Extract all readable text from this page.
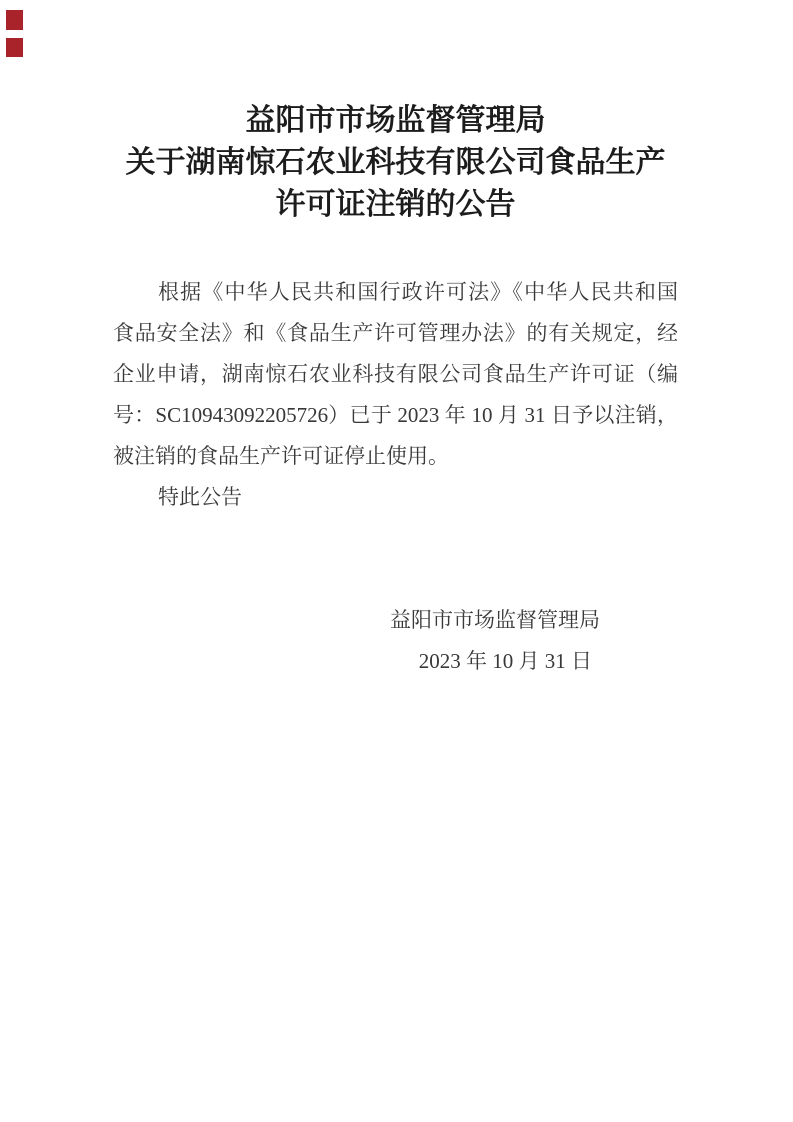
益阳市市场监督管理局
关于湖南惊石农业科技有限公司食品生产
许可证注销的公告
根据《中华人民共和国行政许可法》《中华人民共和国
食品安全法》和《食品生产许可管理办法》的有关规定，经
企业申请，湖南惊石农业科技有限公司食品生产许可证（编
号：SC10943092205726）已于 2023 年 10 月 31 日予以注销，
被注销的食品生产许可证停止使用。
特此公告
益阳市市场监督管理局
2023 年 10 月 31 日
